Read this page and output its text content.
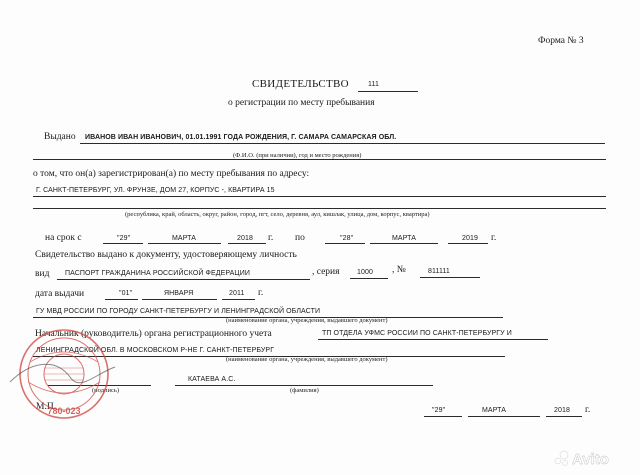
Форма № 3
СВИДЕТЕЛЬСТВО	111
о регистрации по месту пребывания
Выдано ИВАНОВ ИВАН ИВАНОВИЧ, 01.01.1991 ГОДА РОЖДЕНИЯ, Г. САМАРА САМАРСКАЯ ОБЛ.
(Ф.И.О. (при наличии), год и место рождения)
о том, что он(а) зарегистрирован(а) по месту пребывания по адресу:
Г. САНКТ-ПЕТЕРБУРГ, УЛ. ФРУНЗЕ, ДОМ 27, КОРПУС -, КВАРТИРА 15
(республика, край, область, округ, район, город, пгт, село, деревня, аул, кишлак, улица, дом, корпус, квартира)
на срок с	"29"	МАРТА	2018 г. по	"28"	МАРТА	2019 г.
Свидетельство выдано к документу, удостоверяющему личность
вид ПАСПОРТ ГРАЖДАНИНА РОССИЙСКОЙ ФЕДЕРАЦИИ	, серия 1000 , №	811111
дата выдачи	"01"	ЯНВАРЯ	2011 г.
ГУ МВД РОССИИ ПО ГОРОДУ САНКТ-ПЕТЕРБУРГУ И ЛЕНИНГРАДСКОЙ ОБЛАСТИ
(наименование органа, учреждения, выдавшего документ)
Начальник (руководитель) органа регистрационного учета	ТП ОТДЕЛА УФМС РОССИИ ПО САНКТ-ПЕТЕРБУРГУ И
ЛЕНИНГРАДСКОЙ ОБЛ. В МОСКОВСКОМ Р-НЕ Г. САНКТ-ПЕТЕРБУРГ
(наименование органа, учреждения, выдавшего документ)
(подпись)
КАТАЕВА А.С.
(фамилия)
М.П.	"29"	МАРТА	2018 г.
780-023
Avito
